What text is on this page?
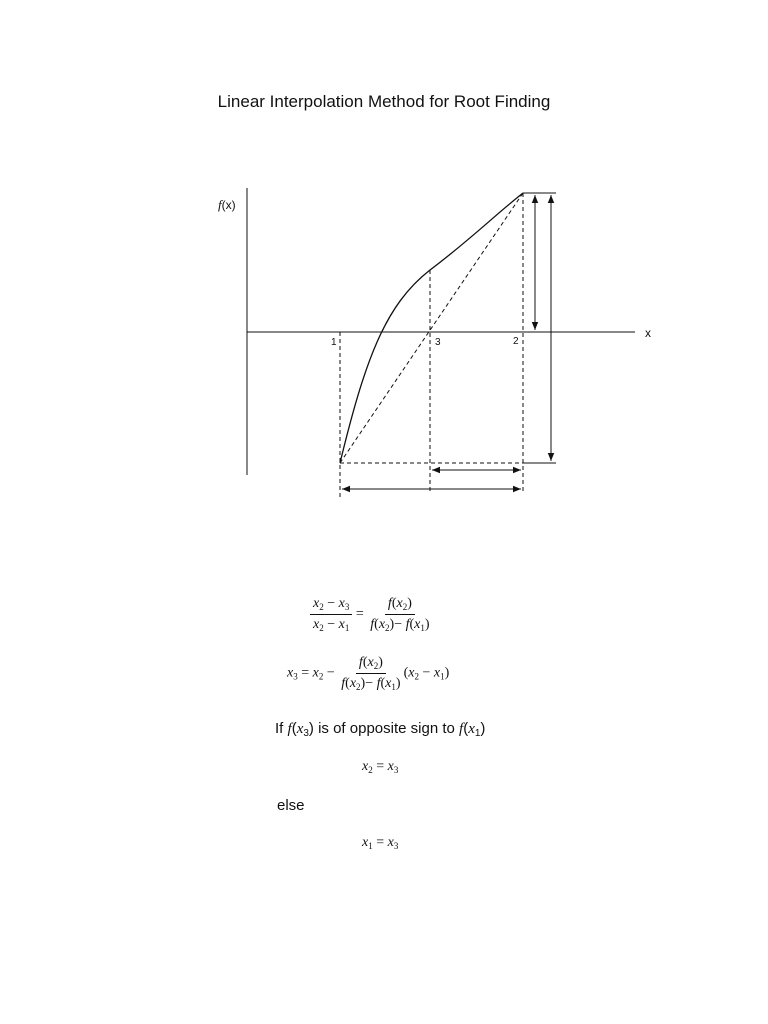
Linear Interpolation Method for Root Finding
f(x)
x
1	3	2
$\frac{x_2 - x_3}{x_2 - x_1} = \frac{f(x_2)}{f(x_2)- f(x_1)}$
$x_3 = x_2 - \frac{f(x_2)}{f(x_2)- f(x_1)} (x_2 - x_1)$
If $f(x_3)$ is of opposite sign to $f(x_1)$
$x_2 = x_3$
else
$x_1 = x_3$
